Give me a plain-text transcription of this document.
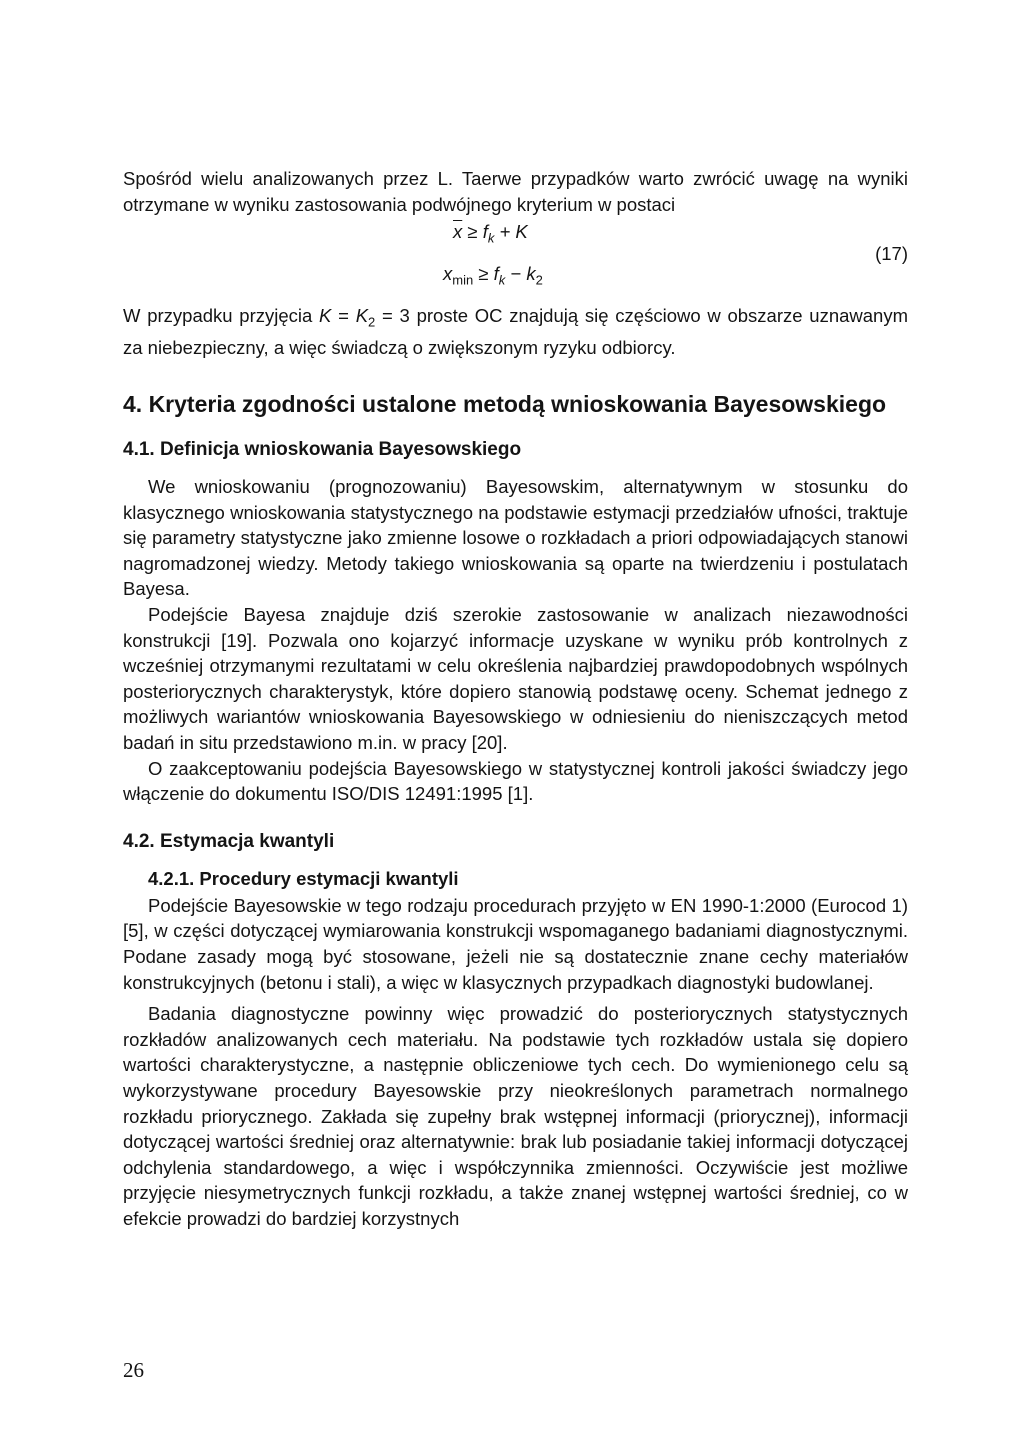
Spośród wielu analizowanych przez L. Taerwe przypadków warto zwrócić uwagę na wyniki otrzymane w wyniku zastosowania podwójnego kryterium w postaci

$\overline{x} \ge f_k + K$
$x_{min} \ge f_k - k_2$
(17)

W przypadku przyjęcia $K = K_2 = 3$ proste OC znajdują się częściowo w obszarze uznawanym za niebezpieczny, a więc świadczą o zwiększonym ryzyku odbiorcy.

4. Kryteria zgodności ustalone metodą wnioskowania Bayesowskiego
4.1. Definicja wnioskowania Bayesowskiego

We wnioskowaniu (prognozowaniu) Bayesowskim, alternatywnym w stosunku do klasycznego wnioskowania statystycznego na podstawie estymacji przedziałów ufności, traktuje się parametry statystyczne jako zmienne losowe o rozkładach a priori odpowiadających stanowi nagromadzonej wiedzy. Metody takiego wnioskowania są oparte na twierdzeniu i postulatach Bayesa.

Podejście Bayesa znajduje dziś szerokie zastosowanie w analizach niezawodności konstrukcji [19]. Pozwala ono kojarzyć informacje uzyskane w wyniku prób kontrolnych z wcześniej otrzymanymi rezultatami w celu określenia najbardziej prawdopodobnych wspólnych posteriorycznych charakterystyk, które dopiero stanowią podstawę oceny. Schemat jednego z możliwych wariantów wnioskowania Bayesowskiego w odniesieniu do nieniszczących metod badań in situ przedstawiono m.in. w pracy [20].

O zaakceptowaniu podejścia Bayesowskiego w statystycznej kontroli jakości świadczy jego włączenie do dokumentu ISO/DIS 12491:1995 [1].

4.2. Estymacja kwantyli
4.2.1. Procedury estymacji kwantyli

Podejście Bayesowskie w tego rodzaju procedurach przyjęto w EN 1990-1:2000 (Eurocod 1) [5], w części dotyczącej wymiarowania konstrukcji wspomaganego badaniami diagnostycznymi. Podane zasady mogą być stosowane, jeżeli nie są dostatecznie znane cechy materiałów konstrukcyjnych (betonu i stali), a więc w klasycznych przypadkach diagnostyki budowlanej.

Badania diagnostyczne powinny więc prowadzić do posteriorycznych statystycznych rozkładów analizowanych cech materiału. Na podstawie tych rozkładów ustala się dopiero wartości charakterystyczne, a następnie obliczeniowe tych cech. Do wymienionego celu są wykorzystywane procedury Bayesowskie przy nieokreślonych parametrach normalnego rozkładu priorycznego. Zakłada się zupełny brak wstępnej informacji (priorycznej), informacji dotyczącej wartości średniej oraz alternatywnie: brak lub posiadanie takiej informacji dotyczącej odchylenia standardowego, a więc i współczynnika zmienności. Oczywiście jest możliwe przyjęcie niesymetrycznych funkcji rozkładu, a także znanej wstępnej wartości średniej, co w efekcie prowadzi do bardziej korzystnych

26
